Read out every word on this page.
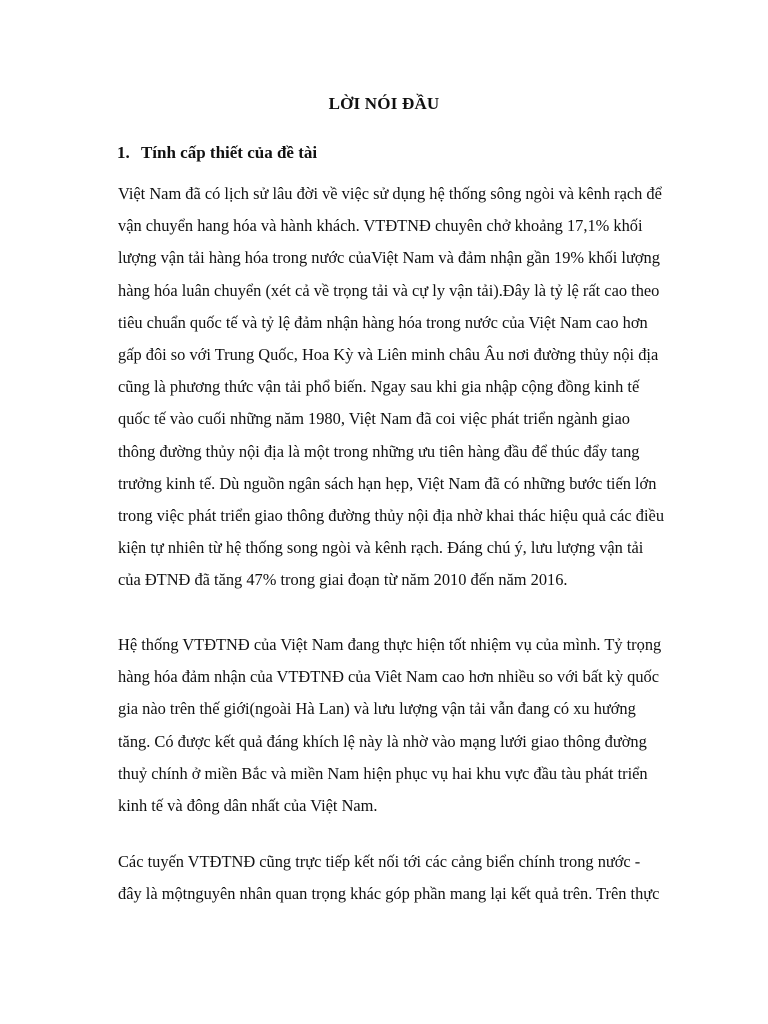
LỜI NÓI ĐẦU
1. Tính cấp thiết của đề tài

Việt Nam đã có lịch sử lâu đời về việc sử dụng hệ thống sông ngòi và kênh rạch để
vận chuyển hang hóa và hành khách. VTĐTNĐ chuyên chở khoảng 17,1% khối
lượng vận tải hàng hóa trong nước củaViệt Nam và đảm nhận gần 19% khối lượng
hàng hóa luân chuyển (xét cả về trọng tải và cự ly vận tải).Đây là tỷ lệ rất cao theo
tiêu chuẩn quốc tế và tỷ lệ đảm nhận hàng hóa trong nước của Việt Nam cao hơn
gấp đôi so với Trung Quốc, Hoa Kỳ và Liên minh châu Âu nơi đường thủy nội địa
cũng là phương thức vận tải phổ biến. Ngay sau khi gia nhập cộng đồng kinh tế
quốc tế vào cuối những năm 1980, Việt Nam đã coi việc phát triển ngành giao
thông đường thủy nội địa là một trong những ưu tiên hàng đầu để thúc đẩy tang
trưởng kinh tế. Dù nguồn ngân sách hạn hẹp, Việt Nam đã có những bước tiến lớn
trong việc phát triển giao thông đường thủy nội địa nhờ khai thác hiệu quả các điều
kiện tự nhiên từ hệ thống song ngòi và kênh rạch. Đáng chú ý, lưu lượng vận tải
của ĐTNĐ đã tăng 47% trong giai đoạn từ năm 2010 đến năm 2016.

Hệ thống VTĐTNĐ của Việt Nam đang thực hiện tốt nhiệm vụ của mình. Tỷ trọng
hàng hóa đảm nhận của VTĐTNĐ của Viêt Nam cao hơn nhiều so với bất kỳ quốc
gia nào trên thế giới(ngoài Hà Lan) và lưu lượng vận tải vẫn đang có xu hướng
tăng. Có được kết quả đáng khích lệ này là nhờ vào mạng lưới giao thông đường
thuỷ chính ở miền Bắc và miền Nam hiện phục vụ hai khu vực đầu tàu phát triển
kinh tế và đông dân nhất của Việt Nam.

Các tuyến VTĐTNĐ cũng trực tiếp kết nối tới các cảng biển chính trong nước -
đây là mộtnguyên nhân quan trọng khác góp phần mang lại kết quả trên. Trên thực
